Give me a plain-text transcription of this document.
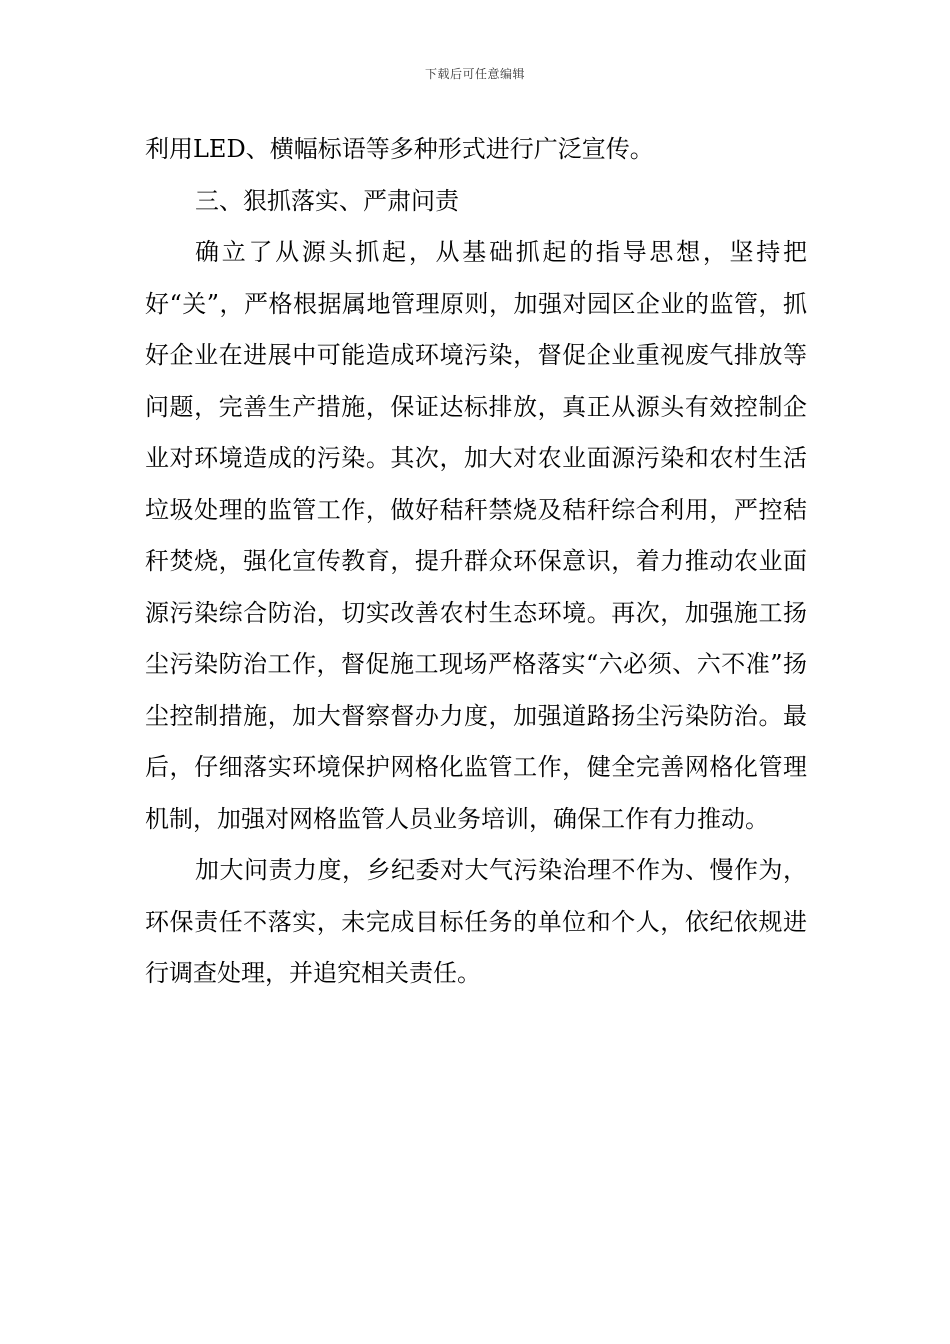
下载后可任意编辑

利用LED、横幅标语等多种形式进行广泛宣传。

三、狠抓落实、严肃问责

确立了从源头抓起，从基础抓起的指导思想，坚持把好“关”，严格根据属地管理原则，加强对园区企业的监管，抓好企业在进展中可能造成环境污染，督促企业重视废气排放等问题，完善生产措施，保证达标排放，真正从源头有效控制企业对环境造成的污染。其次，加大对农业面源污染和农村生活垃圾处理的监管工作，做好秸秆禁烧及秸秆综合利用，严控秸秆焚烧，强化宣传教育，提升群众环保意识，着力推动农业面源污染综合防治，切实改善农村生态环境。再次，加强施工扬尘污染防治工作，督促施工现场严格落实“六必须、六不准”扬尘控制措施，加大督察督办力度，加强道路扬尘污染防治。最后，仔细落实环境保护网格化监管工作，健全完善网格化管理机制，加强对网格监管人员业务培训，确保工作有力推动。

加大问责力度，乡纪委对大气污染治理不作为、慢作为，环保责任不落实，未完成目标任务的单位和个人，依纪依规进行调查处理，并追究相关责任。
